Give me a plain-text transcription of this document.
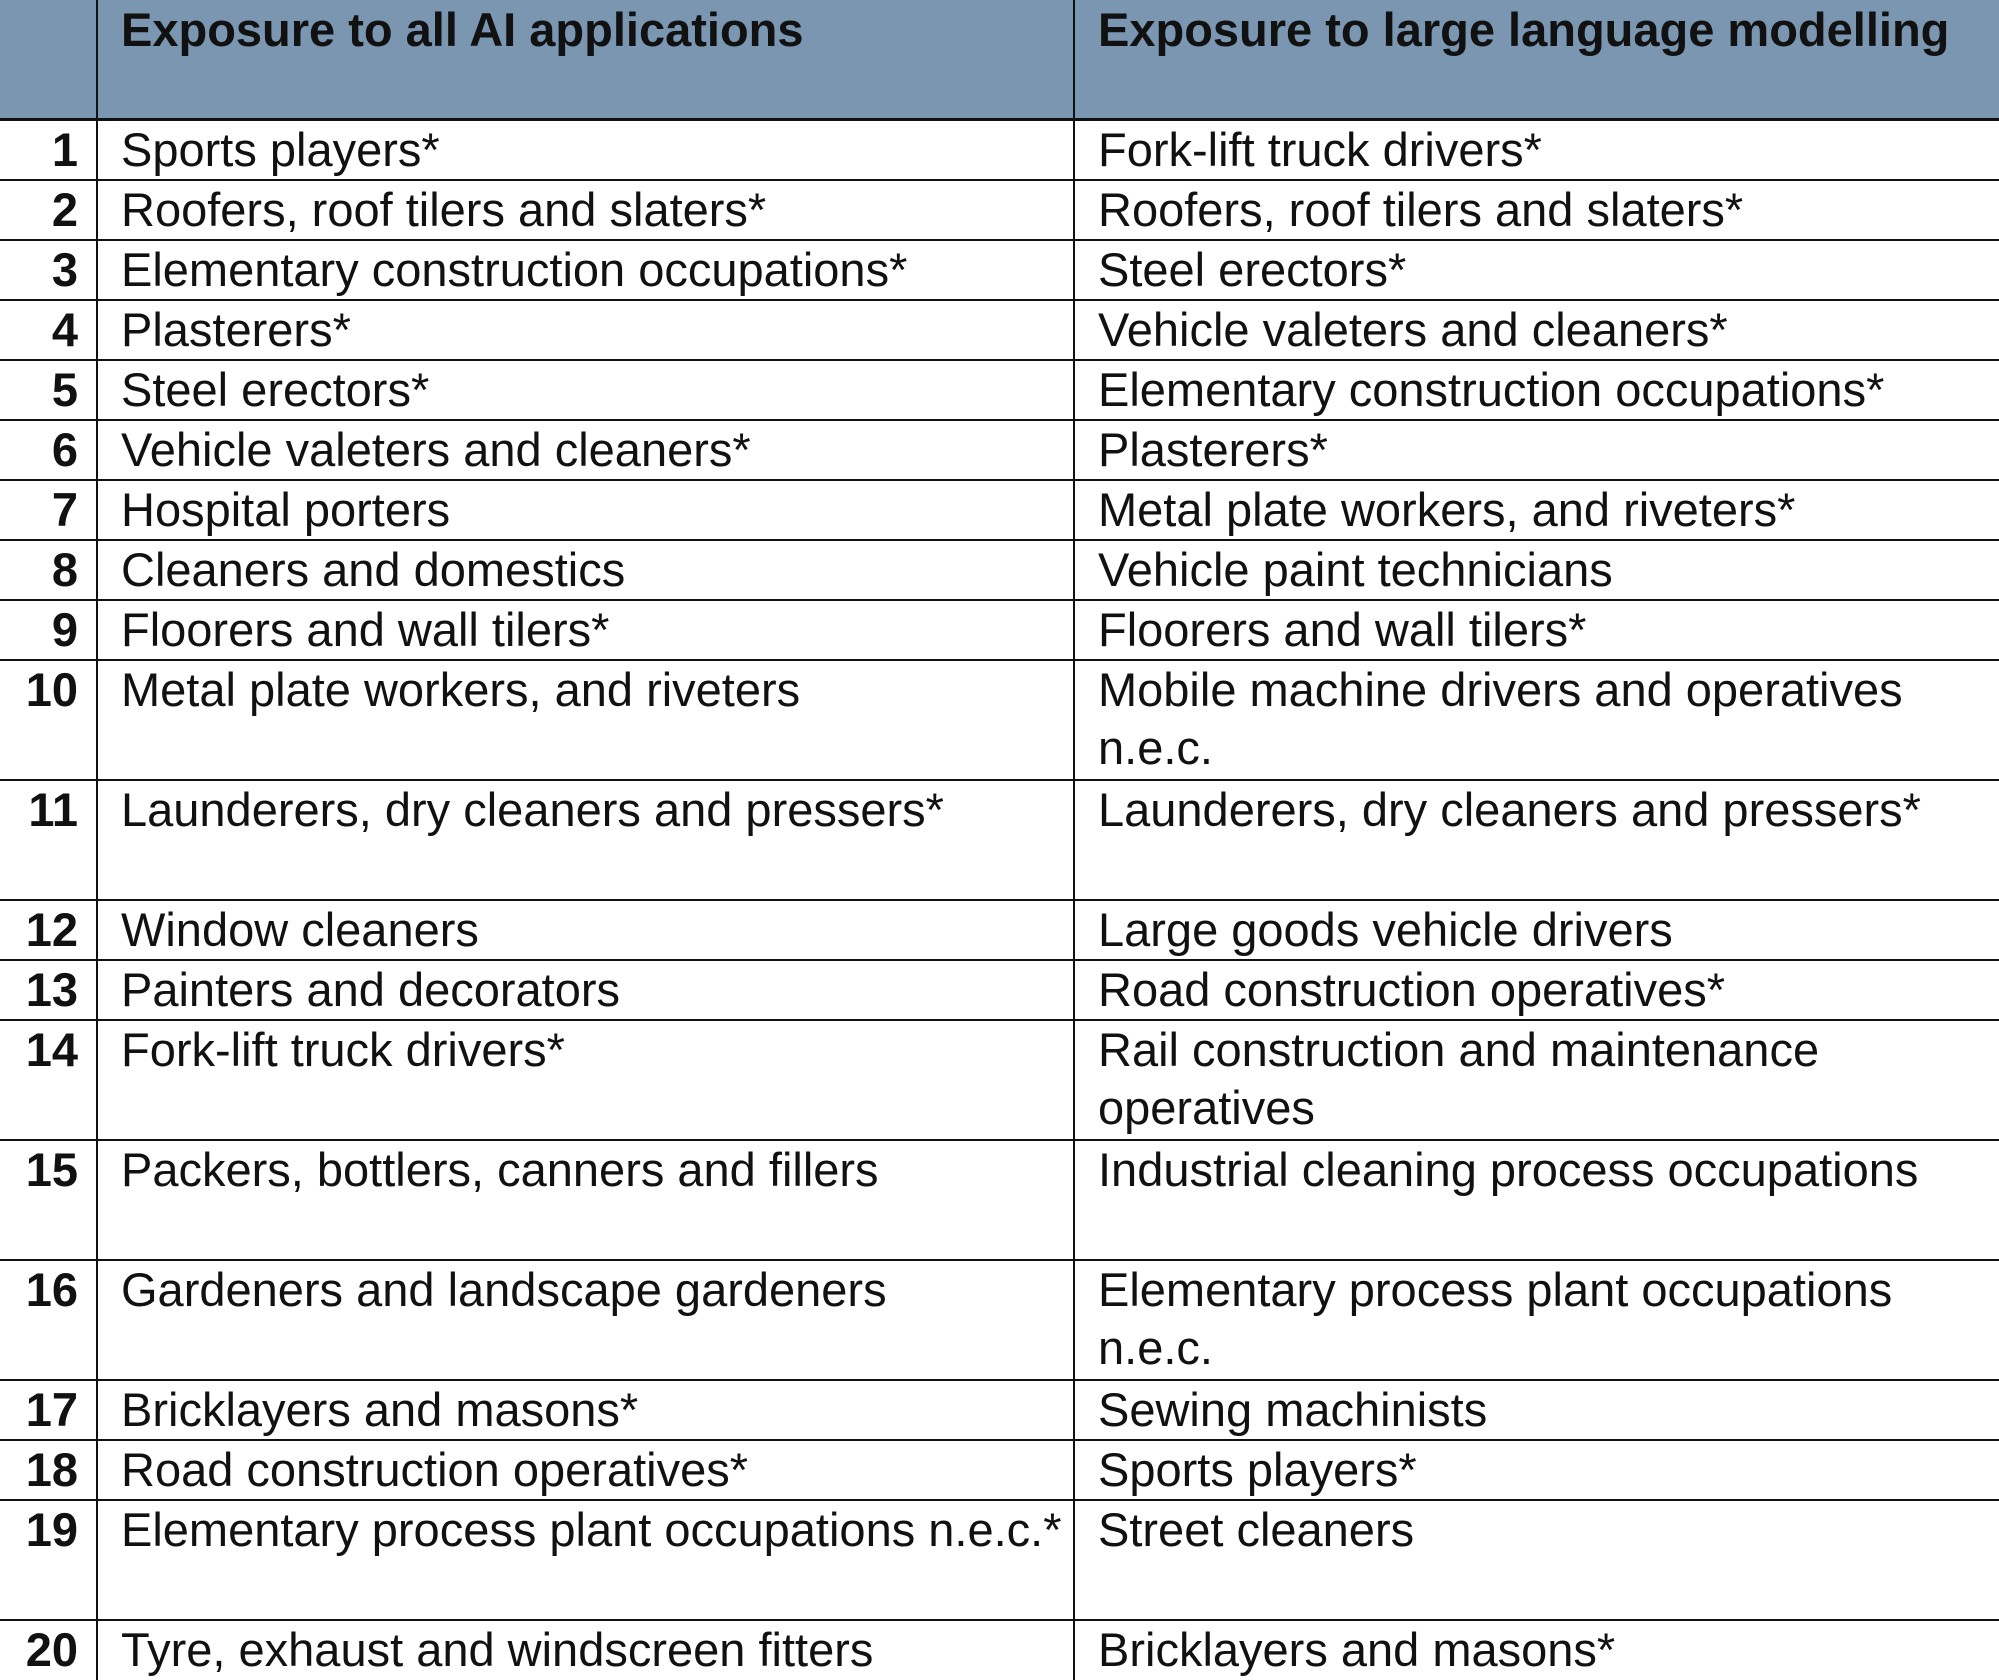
	Exposure to all AI applications	Exposure to large language modelling
1	Sports players*	Fork-lift truck drivers*
2	Roofers, roof tilers and slaters*	Roofers, roof tilers and slaters*
3	Elementary construction occupations*	Steel erectors*
4	Plasterers*	Vehicle valeters and cleaners*
5	Steel erectors*	Elementary construction occupations*
6	Vehicle valeters and cleaners*	Plasterers*
7	Hospital porters	Metal plate workers, and riveters*
8	Cleaners and domestics	Vehicle paint technicians
9	Floorers and wall tilers*	Floorers and wall tilers*
10	Metal plate workers, and riveters	Mobile machine drivers and operatives n.e.c.
11	Launderers, dry cleaners and pressers*	Launderers, dry cleaners and pressers*
12	Window cleaners	Large goods vehicle drivers
13	Painters and decorators	Road construction operatives*
14	Fork-lift truck drivers*	Rail construction and maintenance operatives
15	Packers, bottlers, canners and fillers	Industrial cleaning process occupations
16	Gardeners and landscape gardeners	Elementary process plant occupations n.e.c.
17	Bricklayers and masons*	Sewing machinists
18	Road construction operatives*	Sports players*
19	Elementary process plant occupations n.e.c.*	Street cleaners
20	Tyre, exhaust and windscreen fitters	Bricklayers and masons*
